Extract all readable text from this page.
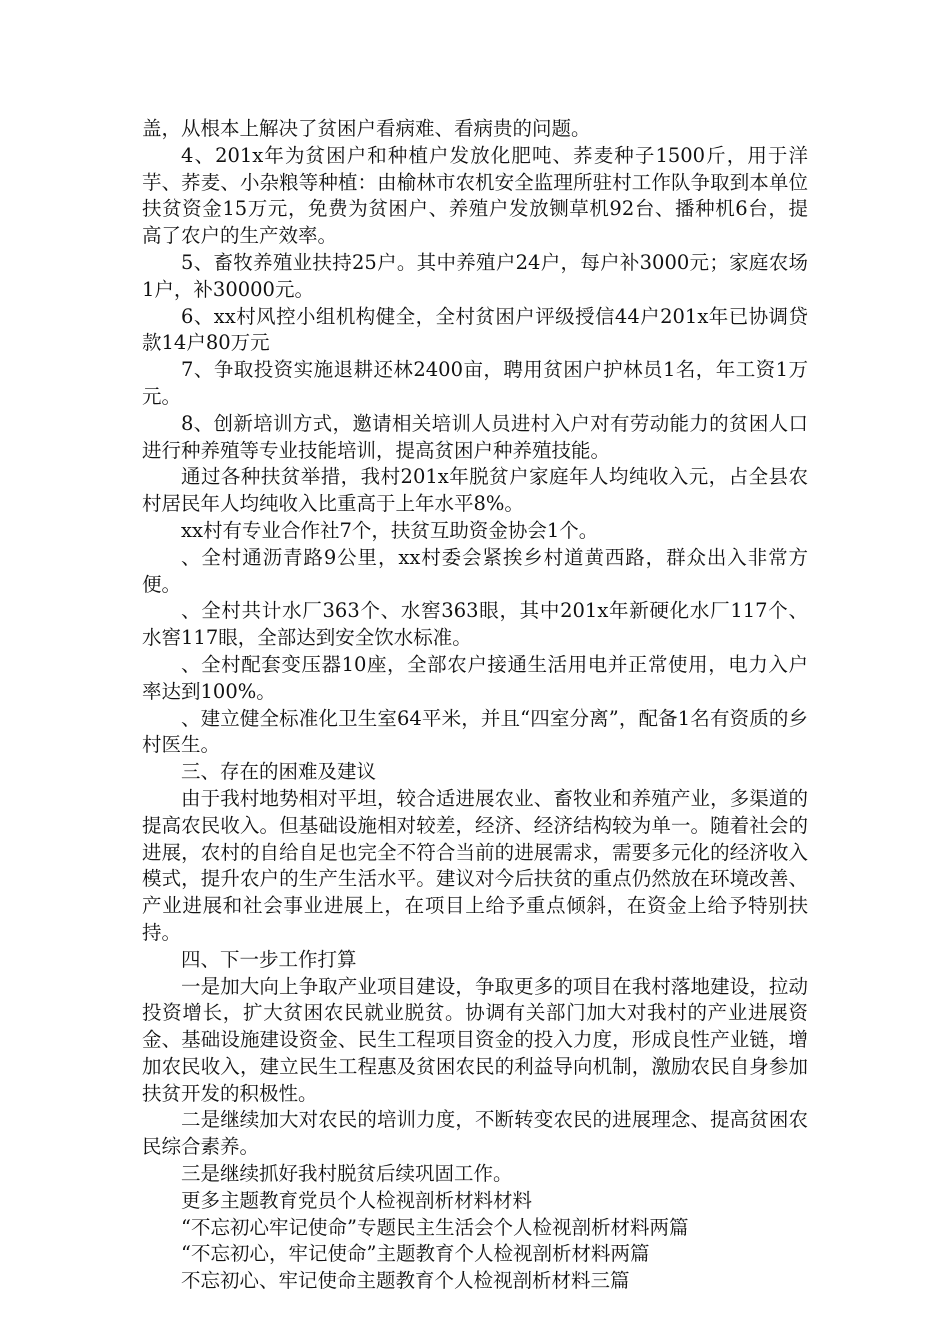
盖，从根本上解决了贫困户看病难、看病贵的问题。

4、201x年为贫困户和种植户发放化肥吨、荞麦种子1500斤，用于洋芋、荞麦、小杂粮等种植：由榆林市农机安全监理所驻村工作队争取到本单位扶贫资金15万元，免费为贫困户、养殖户发放铡草机92台、播种机6台，提高了农户的生产效率。

5、畜牧养殖业扶持25户。其中养殖户24户，每户补3000元；家庭农场1户，补30000元。

6、xx村风控小组机构健全，全村贫困户评级授信44户201x年已协调贷款14户80万元

7、争取投资实施退耕还林2400亩，聘用贫困户护林员1名，年工资1万元。

8、创新培训方式，邀请相关培训人员进村入户对有劳动能力的贫困人口进行种养殖等专业技能培训，提高贫困户种养殖技能。

通过各种扶贫举措，我村201x年脱贫户家庭年人均纯收入元，占全县农村居民年人均纯收入比重高于上年水平8%。

xx村有专业合作社7个，扶贫互助资金协会1个。

、全村通沥青路9公里，xx村委会紧挨乡村道黄西路，群众出入非常方便。

、全村共计水厂363个、水窖363眼，其中201x年新硬化水厂117个、水窖117眼，全部达到安全饮水标准。

、全村配套变压器10座，全部农户接通生活用电并正常使用，电力入户率达到100%。

、建立健全标准化卫生室64平米，并且“四室分离”，配备1名有资质的乡村医生。

三、存在的困难及建议

由于我村地势相对平坦，较合适进展农业、畜牧业和养殖产业，多渠道的提高农民收入。但基础设施相对较差，经济、经济结构较为单一。随着社会的进展，农村的自给自足也完全不符合当前的进展需求，需要多元化的经济收入模式，提升农户的生产生活水平。建议对今后扶贫的重点仍然放在环境改善、产业进展和社会事业进展上，在项目上给予重点倾斜，在资金上给予特别扶持。

四、下一步工作打算

一是加大向上争取产业项目建设，争取更多的项目在我村落地建设，拉动投资增长，扩大贫困农民就业脱贫。协调有关部门加大对我村的产业进展资金、基础设施建设资金、民生工程项目资金的投入力度，形成良性产业链，增加农民收入，建立民生工程惠及贫困农民的利益导向机制，激励农民自身参加扶贫开发的积极性。

二是继续加大对农民的培训力度，不断转变农民的进展理念、提高贫困农民综合素养。

三是继续抓好我村脱贫后续巩固工作。

更多主题教育党员个人检视剖析材料材料

“不忘初心牢记使命”专题民主生活会个人检视剖析材料两篇

“不忘初心，牢记使命”主题教育个人检视剖析材料两篇

不忘初心、牢记使命主题教育个人检视剖析材料三篇
